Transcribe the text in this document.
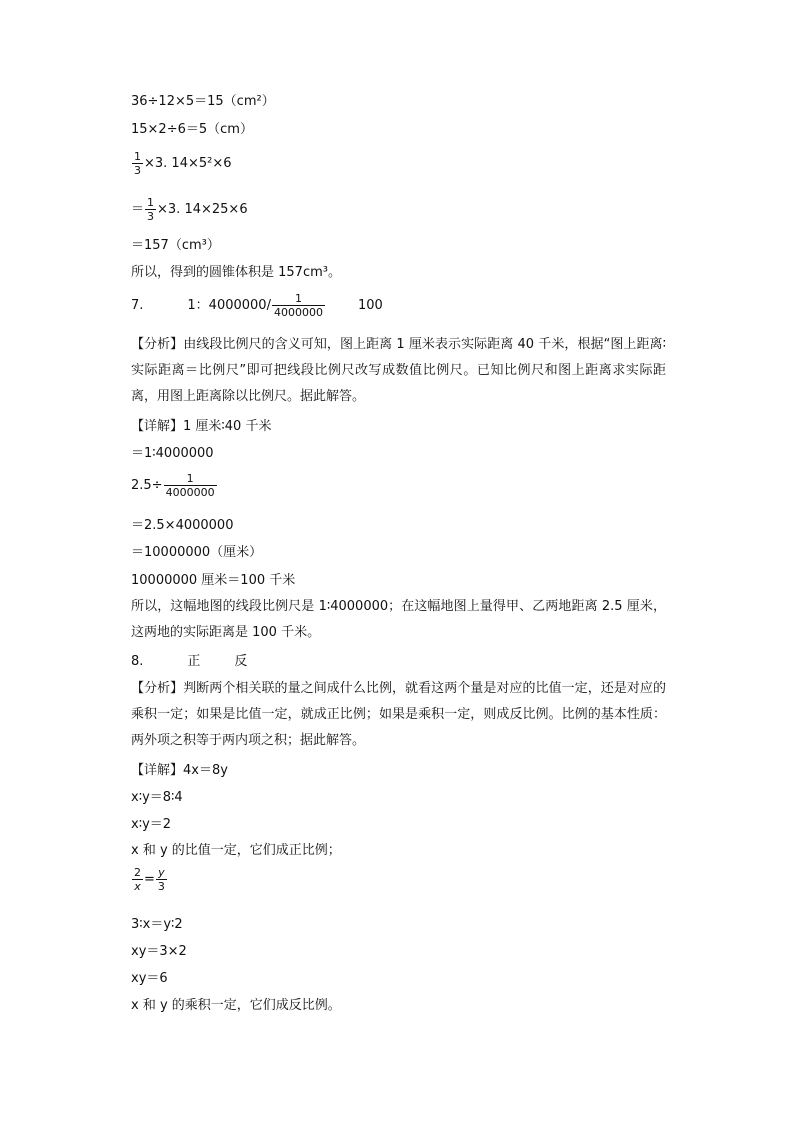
36÷12×5＝15（cm²）
15×2÷6＝5（cm）
$\frac{1}{3} \times 3$. 14×5²×6
＝ $\frac{1}{3} \times 3$. 14×25×6
＝157（cm³）
所以，得到的圆锥体积是 157cm³。
7.	1：$4000000/ \frac{1}{4000000}$	100
【分析】由线段比例尺的含义可知，图上距离 1 厘米表示实际距离 40 千米，根据“图上距离∶实际距离＝比例尺”即可把线段比例尺改写成数值比例尺。已知比例尺和图上距离求实际距离，用图上距离除以比例尺。据此解答。
【详解】1 厘米∶40 千米
＝1∶4000000
$2.5\div \frac{1}{4000000}$
＝2.5×4000000
＝10000000（厘米）
10000000 厘米＝100 千米
所以，这幅地图的线段比例尺是 1∶4000000；在这幅地图上量得甲、乙两地距离 2.5 厘米，这两地的实际距离是 100 千米。
8.	正	反
【分析】判断两个相关联的量之间成什么比例，就看这两个量是对应的比值一定，还是对应的乘积一定；如果是比值一定，就成正比例；如果是乘积一定，则成反比例。比例的基本性质：两外项之积等于两内项之积；据此解答。
【详解】4x＝8y
x∶y＝8∶4
x∶y＝2
x 和 y 的比值一定，它们成正比例；
$\frac{2}{x} = \frac{y}{3}$
3∶x＝y∶2
xy＝3×2
xy＝6
x 和 y 的乘积一定，它们成反比例。
